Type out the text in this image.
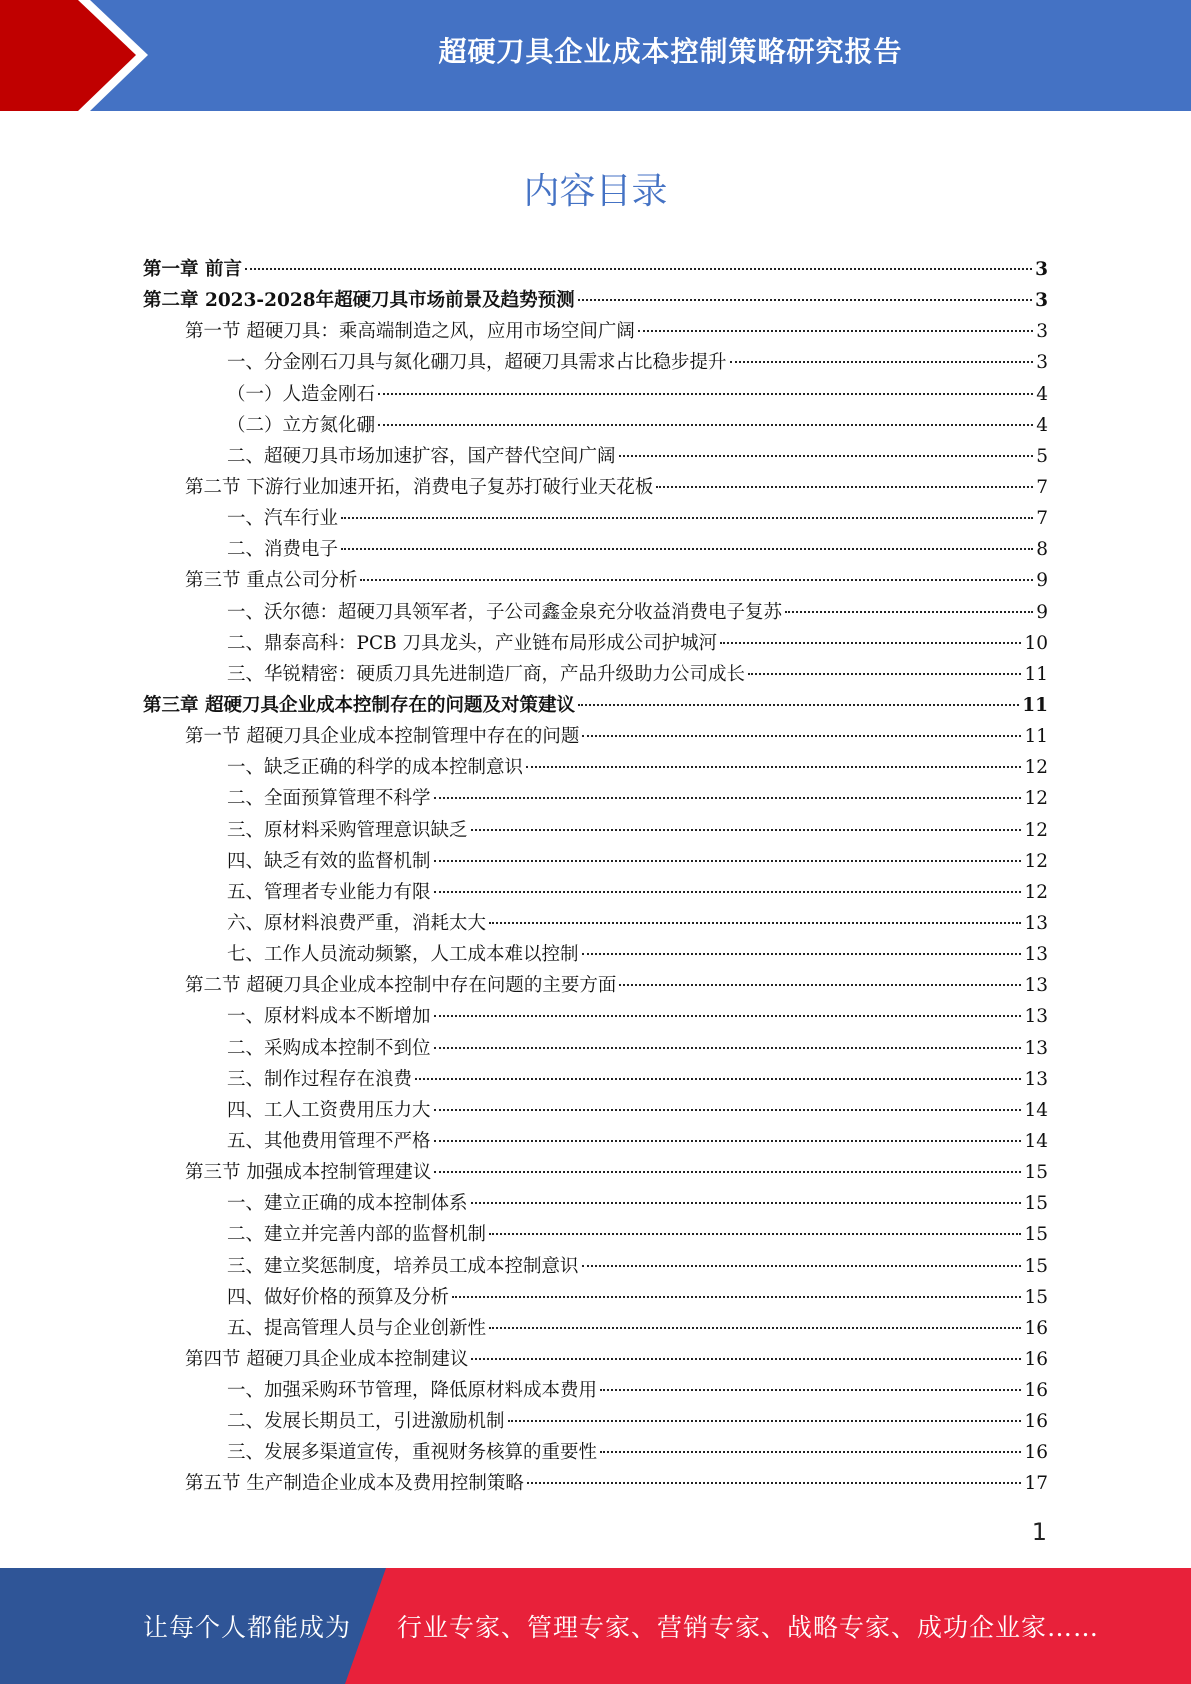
超硬刀具企业成本控制策略研究报告
内容目录
第一章 前言	3
第二章 2023-2028年超硬刀具市场前景及趋势预测	3
第一节 超硬刀具：乘高端制造之风，应用市场空间广阔	3
一、分金刚石刀具与氮化硼刀具，超硬刀具需求占比稳步提升	3
（一）人造金刚石	4
（二）立方氮化硼	4
二、超硬刀具市场加速扩容，国产替代空间广阔	5
第二节 下游行业加速开拓，消费电子复苏打破行业天花板	7
一、汽车行业	7
二、消费电子	8
第三节 重点公司分析	9
一、沃尔德：超硬刀具领军者，子公司鑫金泉充分收益消费电子复苏	9
二、鼎泰高科：PCB 刀具龙头，产业链布局形成公司护城河	10
三、华锐精密：硬质刀具先进制造厂商，产品升级助力公司成长	11
第三章 超硬刀具企业成本控制存在的问题及对策建议	11
第一节 超硬刀具企业成本控制管理中存在的问题	11
一、缺乏正确的科学的成本控制意识	12
二、全面预算管理不科学	12
三、原材料采购管理意识缺乏	12
四、缺乏有效的监督机制	12
五、管理者专业能力有限	12
六、原材料浪费严重，消耗太大	13
七、工作人员流动频繁，人工成本难以控制	13
第二节 超硬刀具企业成本控制中存在问题的主要方面	13
一、原材料成本不断增加	13
二、采购成本控制不到位	13
三、制作过程存在浪费	13
四、工人工资费用压力大	14
五、其他费用管理不严格	14
第三节 加强成本控制管理建议	15
一、建立正确的成本控制体系	15
二、建立并完善内部的监督机制	15
三、建立奖惩制度，培养员工成本控制意识	15
四、做好价格的预算及分析	15
五、提高管理人员与企业创新性	16
第四节 超硬刀具企业成本控制建议	16
一、加强采购环节管理，降低原材料成本费用	16
二、发展长期员工，引进激励机制	16
三、发展多渠道宣传，重视财务核算的重要性	16
第五节 生产制造企业成本及费用控制策略	17
1
让每个人都能成为 行业专家、管理专家、营销专家、战略专家、成功企业家……
